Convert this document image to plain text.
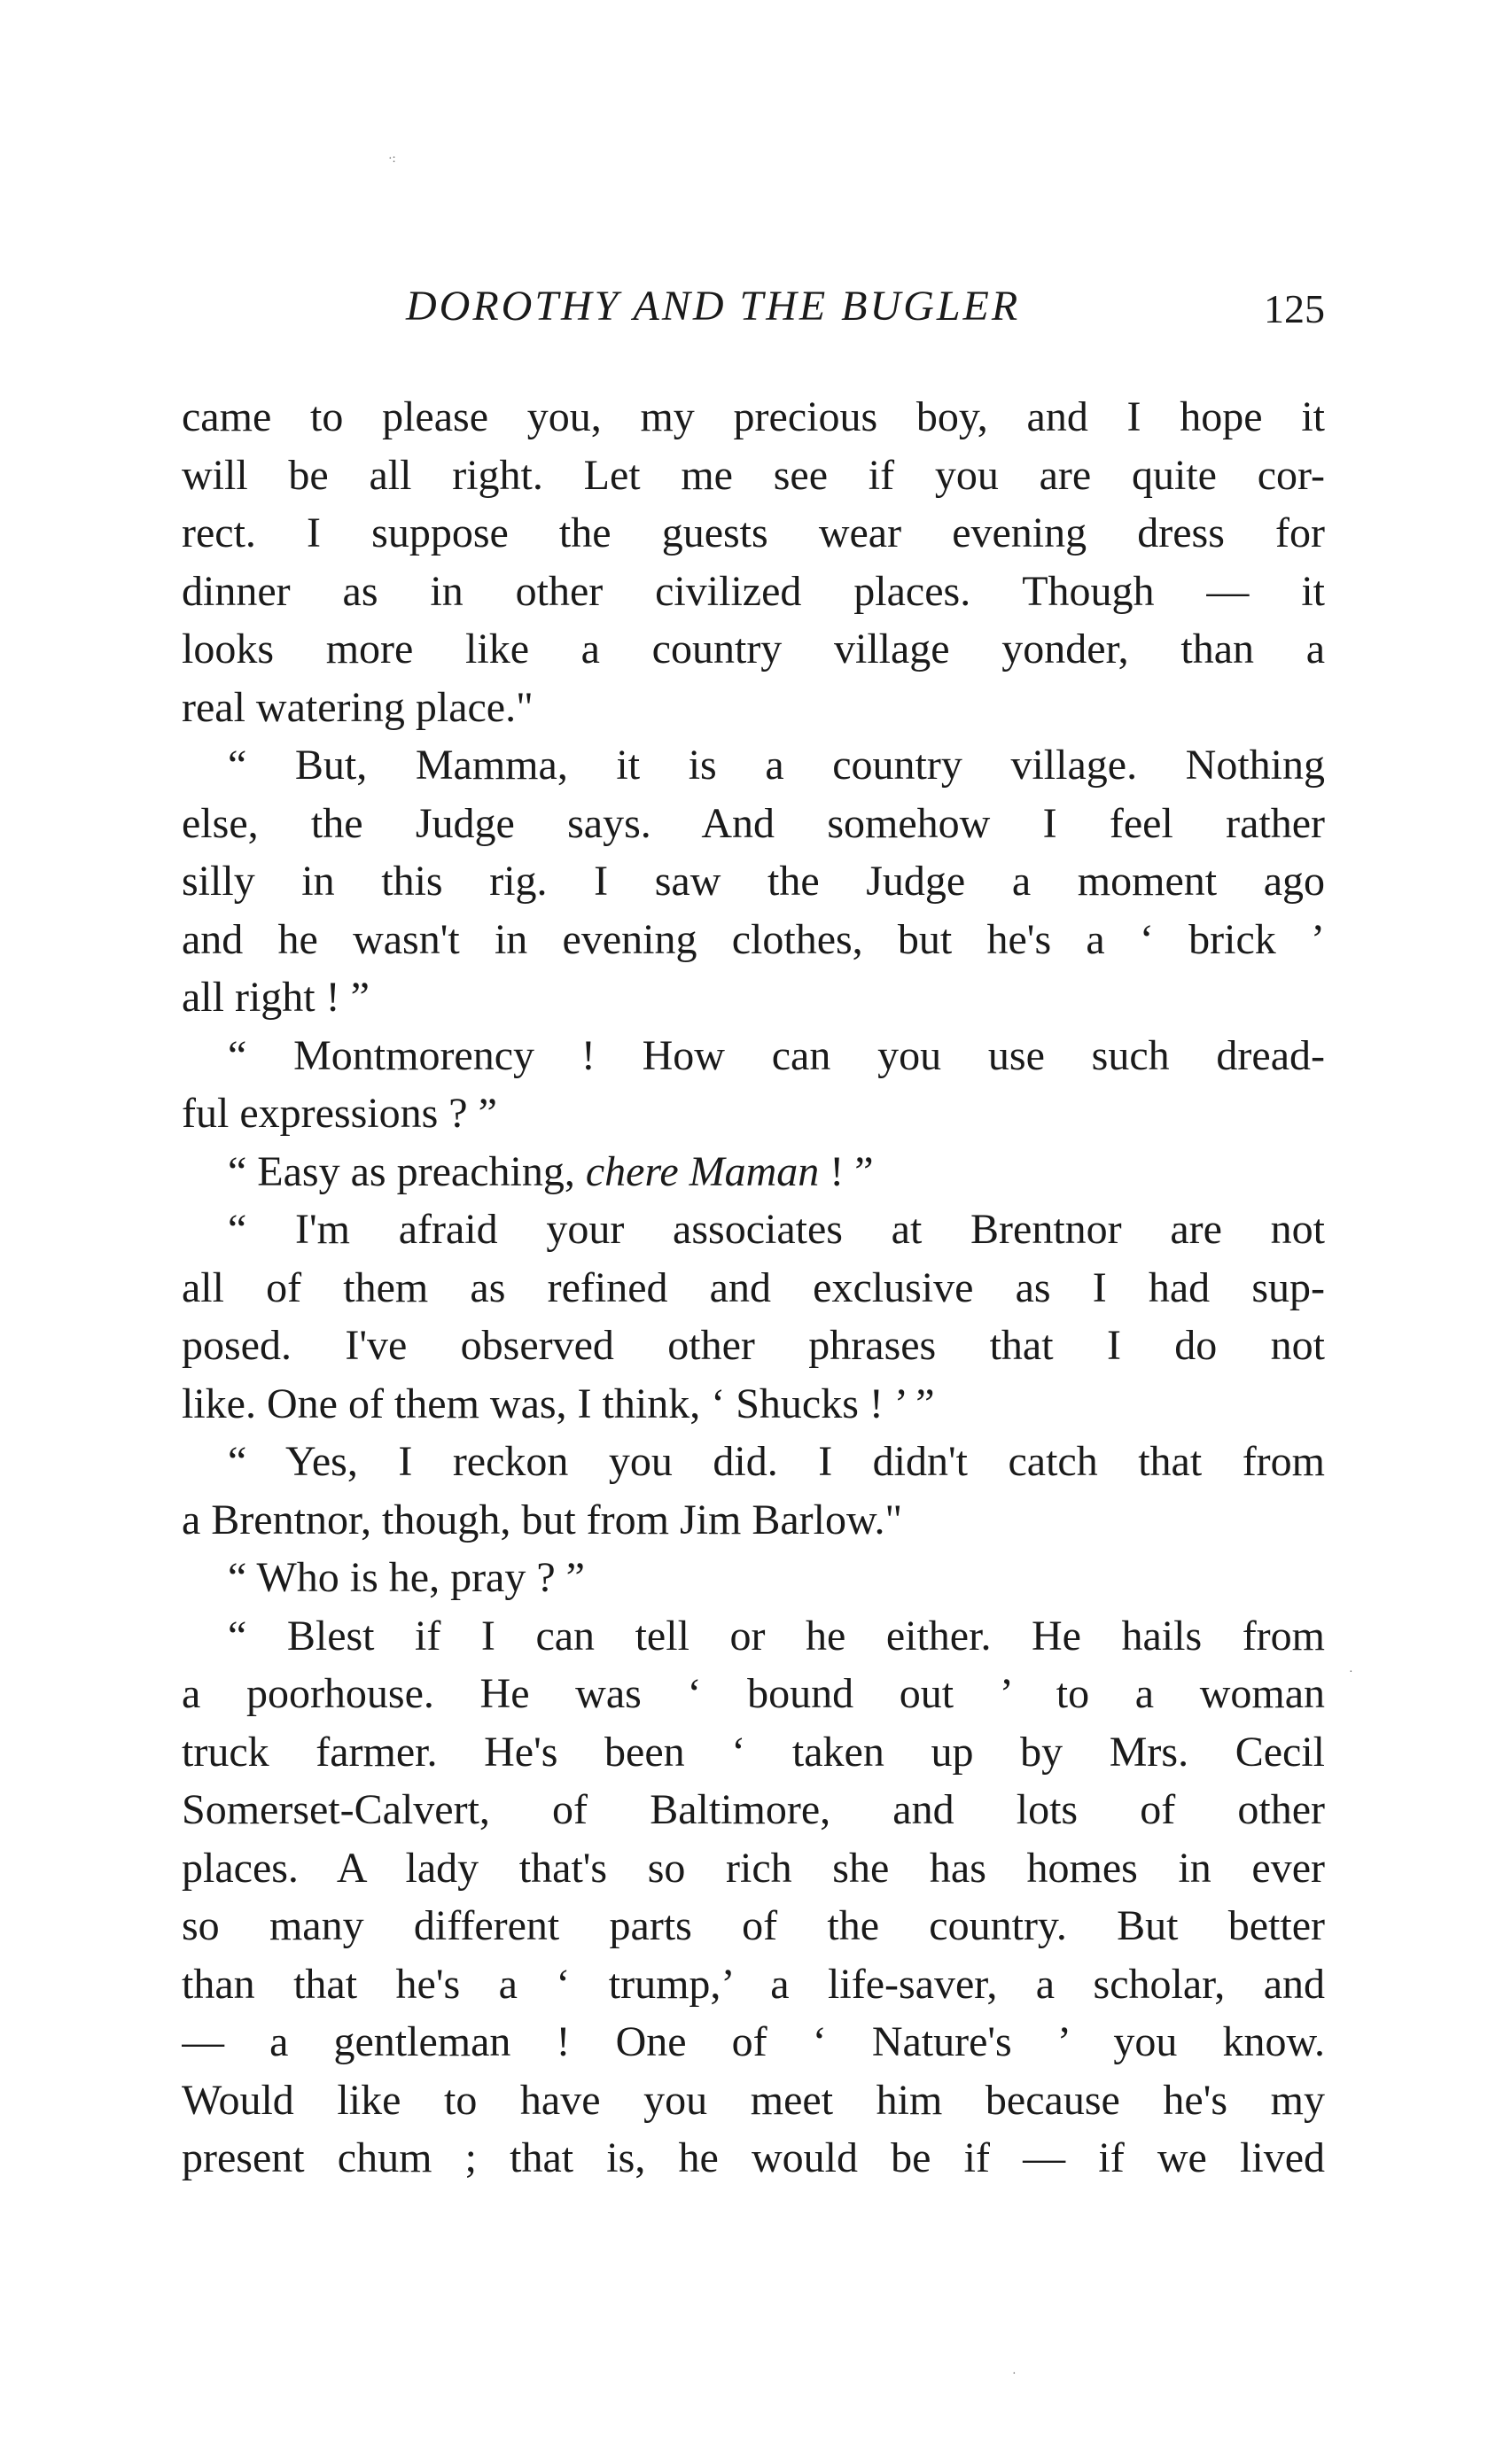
·:
·
·
DOROTHY AND THE BUGLER	125
came to please you, my precious boy, and I hope it
will be all right. Let me see if you are quite cor-
rect. I suppose the guests wear evening dress for
dinner as in other civilized places. Though — it
looks more like a country village yonder, than a
real watering place."
“ But, Mamma, it is a country village. Nothing
else, the Judge says. And somehow I feel rather
silly in this rig. I saw the Judge a moment ago
and he wasn't in evening clothes, but he's a ‘ brick ’
all right ! ”
“ Montmorency ! How can you use such dread-
ful expressions ? ”
“ Easy as preaching, chere Maman ! ”
“ I'm afraid your associates at Brentnor are not
all of them as refined and exclusive as I had sup-
posed. I've observed other phrases that I do not
like. One of them was, I think, ‘ Shucks ! ’ ”
“ Yes, I reckon you did. I didn't catch that from
a Brentnor, though, but from Jim Barlow."
“ Who is he, pray ? ”
“ Blest if I can tell or he either. He hails from
a poorhouse. He was ‘ bound out ’ to a woman
truck farmer. He's been ‘ taken up by Mrs. Cecil
Somerset-Calvert, of Baltimore, and lots of other
places. A lady that's so rich she has homes in ever
so many different parts of the country. But better
than that he's a ‘ trump,’ a life-saver, a scholar, and
— a gentleman ! One of ‘ Nature's ’ you know.
Would like to have you meet him because he's my
present chum ; that is, he would be if — if we lived
